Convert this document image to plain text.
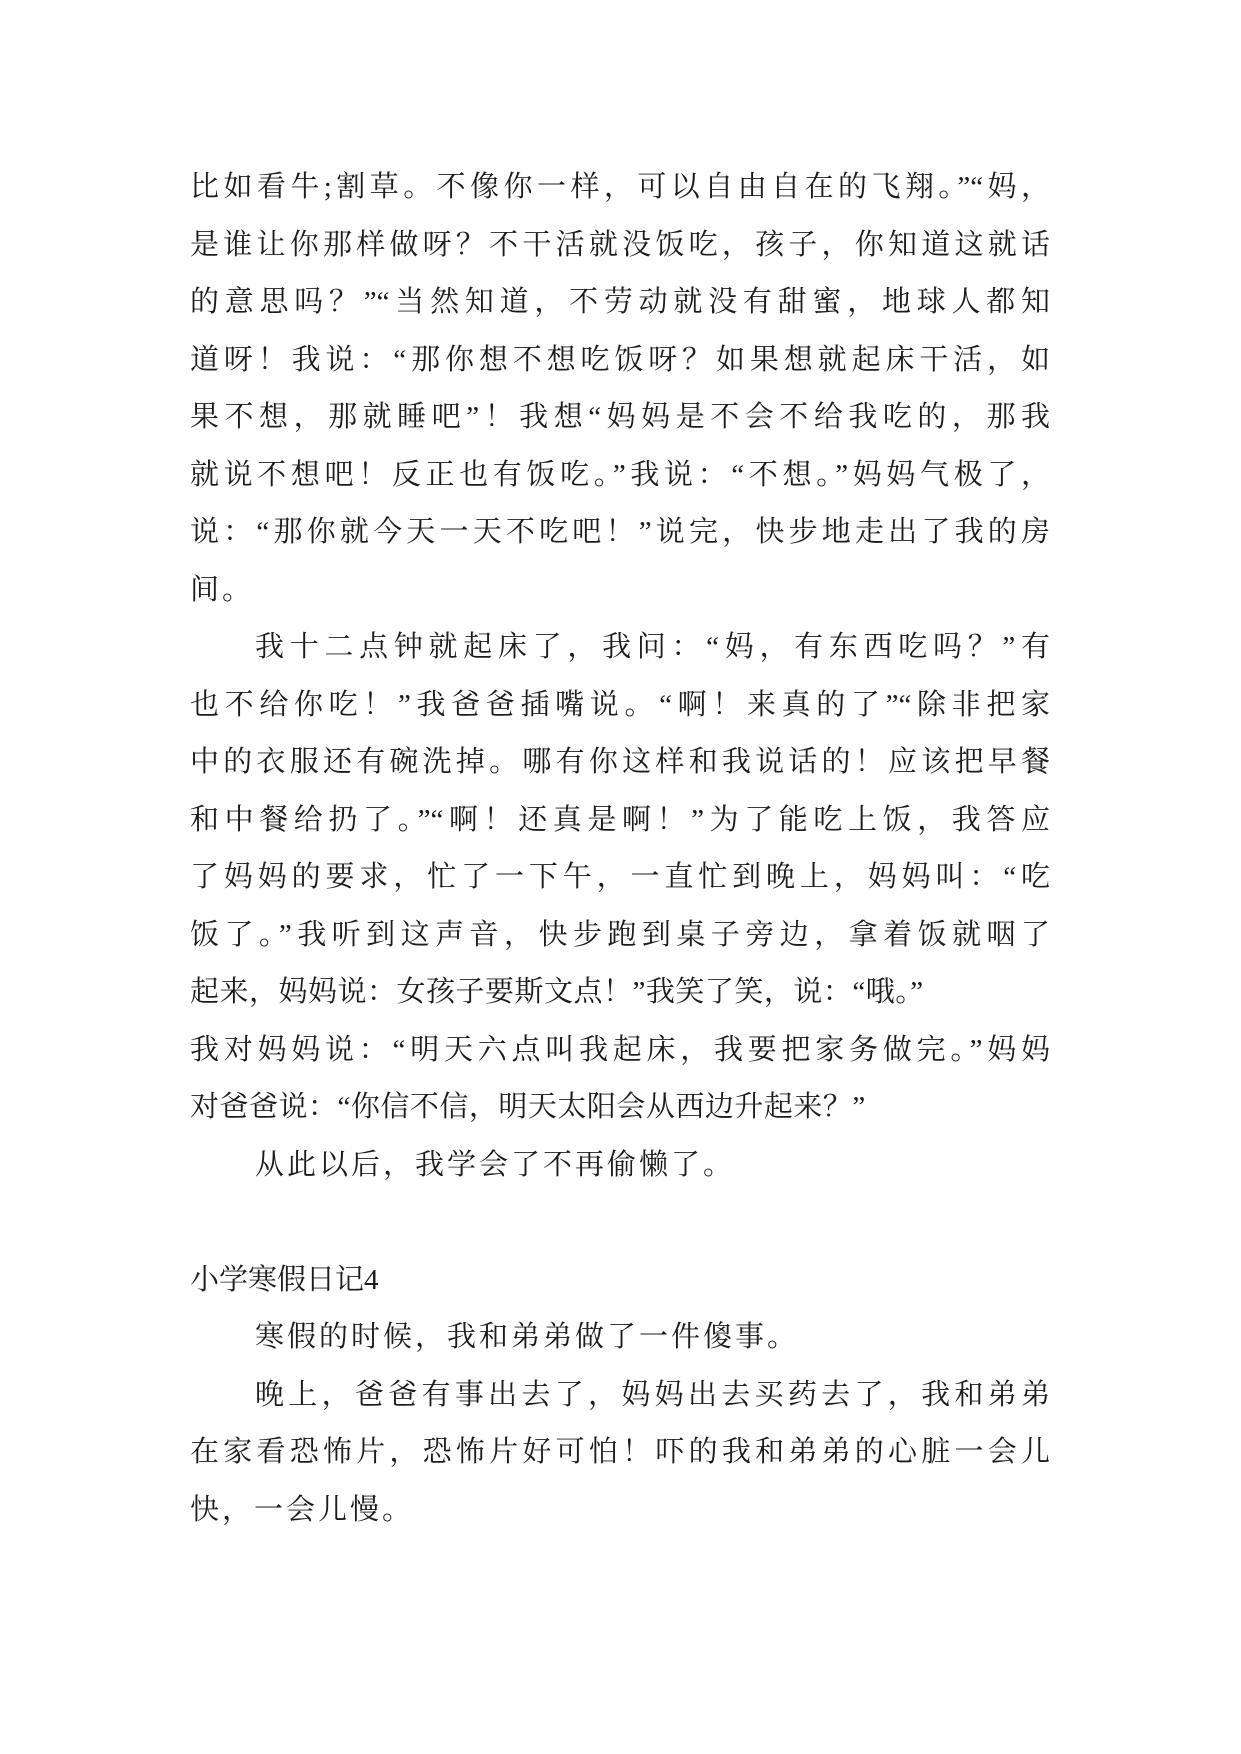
比如看牛;割草。不像你一样，可以自由自在的飞翔。”“妈，
是谁让你那样做呀？不干活就没饭吃，孩子，你知道这就话
的意思吗？”“当然知道，不劳动就没有甜蜜，地球人都知
道呀！我说：“那你想不想吃饭呀？如果想就起床干活，如
果不想，那就睡吧”！我想“妈妈是不会不给我吃的，那我
就说不想吧！反正也有饭吃。”我说：“不想。”妈妈气极了，
说：“那你就今天一天不吃吧！”说完，快步地走出了我的房
间。
我十二点钟就起床了，我问：“妈，有东西吃吗？”有
也不给你吃！”我爸爸插嘴说。“啊！来真的了”“除非把家
中的衣服还有碗洗掉。哪有你这样和我说话的！应该把早餐
和中餐给扔了。”“啊！还真是啊！”为了能吃上饭，我答应
了妈妈的要求，忙了一下午，一直忙到晚上，妈妈叫：“吃
饭了。”我听到这声音，快步跑到桌子旁边，拿着饭就咽了
起来，妈妈说：女孩子要斯文点！”我笑了笑，说：“哦。”
我对妈妈说：“明天六点叫我起床，我要把家务做完。”妈妈
对爸爸说：“你信不信，明天太阳会从西边升起来？”
从此以后，我学会了不再偷懒了。
小学寒假日记4
寒假的时候，我和弟弟做了一件傻事。
晚上，爸爸有事出去了，妈妈出去买药去了，我和弟弟
在家看恐怖片，恐怖片好可怕！吓的我和弟弟的心脏一会儿
快，一会儿慢。
